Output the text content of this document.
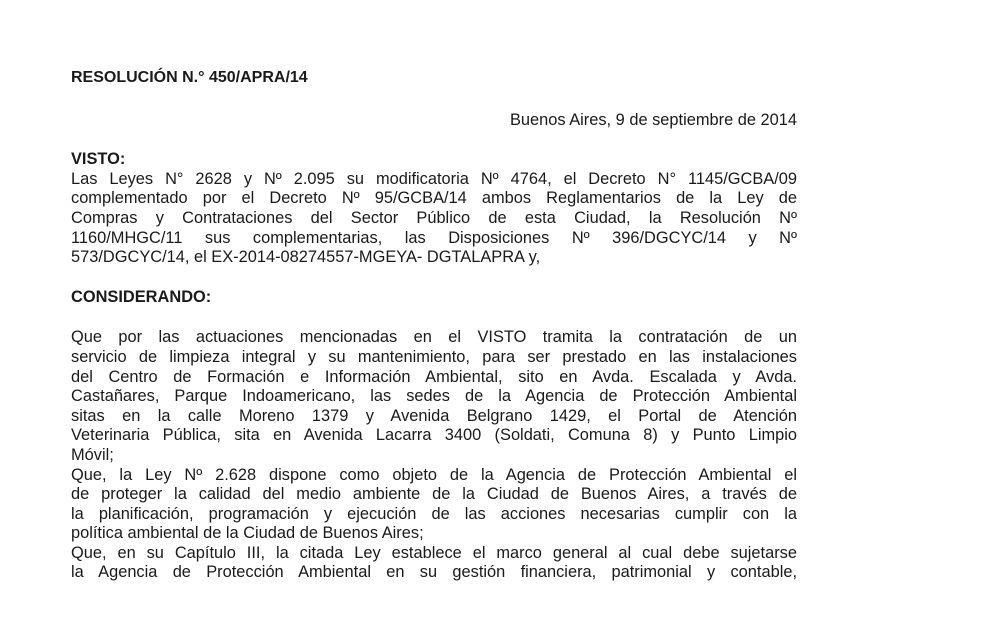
RESOLUCIÓN N.° 450/APRA/14

Buenos Aires, 9 de septiembre de 2014

VISTO:

Las Leyes N° 2628 y Nº 2.095 su modificatoria Nº 4764, el Decreto N° 1145/GCBA/09
complementado por el Decreto Nº 95/GCBA/14 ambos Reglamentarios de la Ley de
Compras y Contrataciones del Sector Público de esta Ciudad, la Resolución Nº
1160/MHGC/11 sus complementarias, las Disposiciones Nº 396/DGCYC/14 y Nº
573/DGCYC/14, el EX-2014-08274557-MGEYA- DGTALAPRA y,

CONSIDERANDO:

Que por las actuaciones mencionadas en el VISTO tramita la contratación de un
servicio de limpieza integral y su mantenimiento, para ser prestado en las instalaciones
del Centro de Formación e Información Ambiental, sito en Avda. Escalada y Avda.
Castañares, Parque Indoamericano, las sedes de la Agencia de Protección Ambiental
sitas en la calle Moreno 1379 y Avenida Belgrano 1429, el Portal de Atención
Veterinaria Pública, sita en Avenida Lacarra 3400 (Soldati, Comuna 8) y Punto Limpio
Móvil;
Que, la Ley Nº 2.628 dispone como objeto de la Agencia de Protección Ambiental el
de proteger la calidad del medio ambiente de la Ciudad de Buenos Aires, a través de
la planificación, programación y ejecución de las acciones necesarias cumplir con la
política ambiental de la Ciudad de Buenos Aires;
Que, en su Capítulo III, la citada Ley establece el marco general al cual debe sujetarse
la Agencia de Protección Ambiental en su gestión financiera, patrimonial y contable,
